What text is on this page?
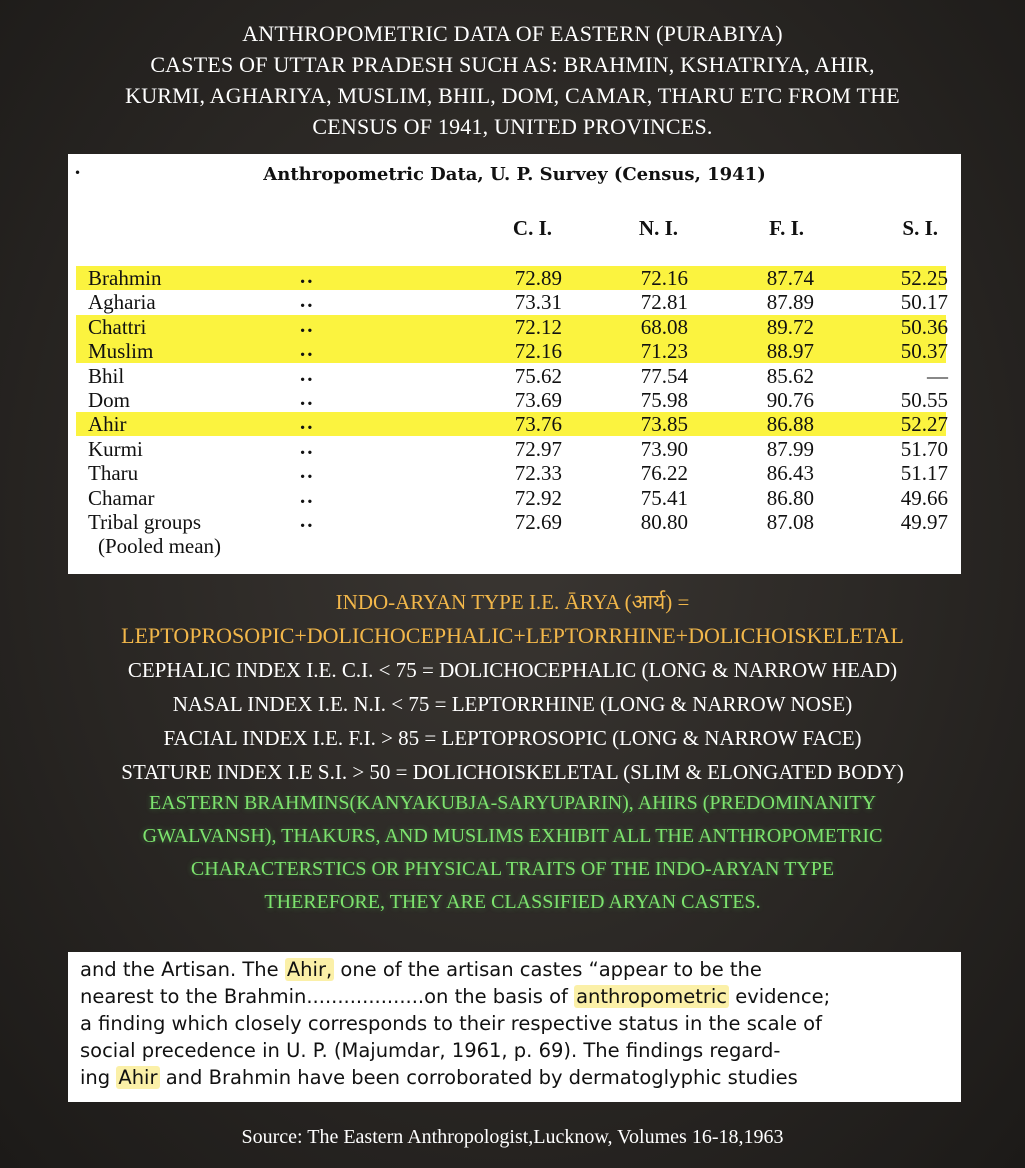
ANTHROPOMETRIC DATA OF EASTERN (PURABIYA)
CASTES OF UTTAR PRADESH SUCH AS: BRAHMIN, KSHATRIYA, AHIR,
KURMI, AGHARIYA, MUSLIM, BHIL, DOM, CAMAR, THARU ETC FROM THE
CENSUS OF 1941, UNITED PROVINCES.
•	Anthropometric Data, U. P. Survey (Census, 1941)
C. I.	N. I.	F. I.	S. I.
Brahmin	..	72.89	72.16	87.74	52.25
Agharia	..	73.31	72.81	87.89	50.17
Chattri	..	72.12	68.08	89.72	50.36
Muslim	..	72.16	71.23	88.97	50.37
Bhil	..	75.62	77.54	85.62	—
Dom	..	73.69	75.98	90.76	50.55
Ahir	..	73.76	73.85	86.88	52.27
Kurmi	..	72.97	73.90	87.99	51.70
Tharu	..	72.33	76.22	86.43	51.17
Chamar	..	72.92	75.41	86.80	49.66
Tribal groups	..	72.69	80.80	87.08	49.97
(Pooled mean)
INDO-ARYAN TYPE I.E. ĀRYA (आर्य) =
LEPTOPROSOPIC+DOLICHOCEPHALIC+LEPTORRHINE+DOLICHOISKELETAL
CEPHALIC INDEX I.E. C.I. < 75 = DOLICHOCEPHALIC (LONG & NARROW HEAD)
NASAL INDEX I.E. N.I. < 75 = LEPTORRHINE (LONG & NARROW NOSE)
FACIAL INDEX I.E. F.I. > 85 = LEPTOPROSOPIC (LONG & NARROW FACE)
STATURE INDEX I.E S.I. > 50 = DOLICHOISKELETAL (SLIM & ELONGATED BODY)
EASTERN BRAHMINS(KANYAKUBJA-SARYUPARIN), AHIRS (PREDOMINANITY
GWALVANSH), THAKURS, AND MUSLIMS EXHIBIT ALL THE ANTHROPOMETRIC
CHARACTERSTICS OR PHYSICAL TRAITS OF THE INDO-ARYAN TYPE
THEREFORE, THEY ARE CLASSIFIED ARYAN CASTES.
and the Artisan. The Ahir, one of the artisan castes “appear to be the
nearest to the Brahmin...................on the basis of anthropometric evidence;
a finding which closely corresponds to their respective status in the scale of
social precedence in U. P. (Majumdar, 1961, p. 69). The findings regard-
ing Ahir and Brahmin have been corroborated by dermatoglyphic studies
Source: The Eastern Anthropologist,Lucknow, Volumes 16-18,1963
